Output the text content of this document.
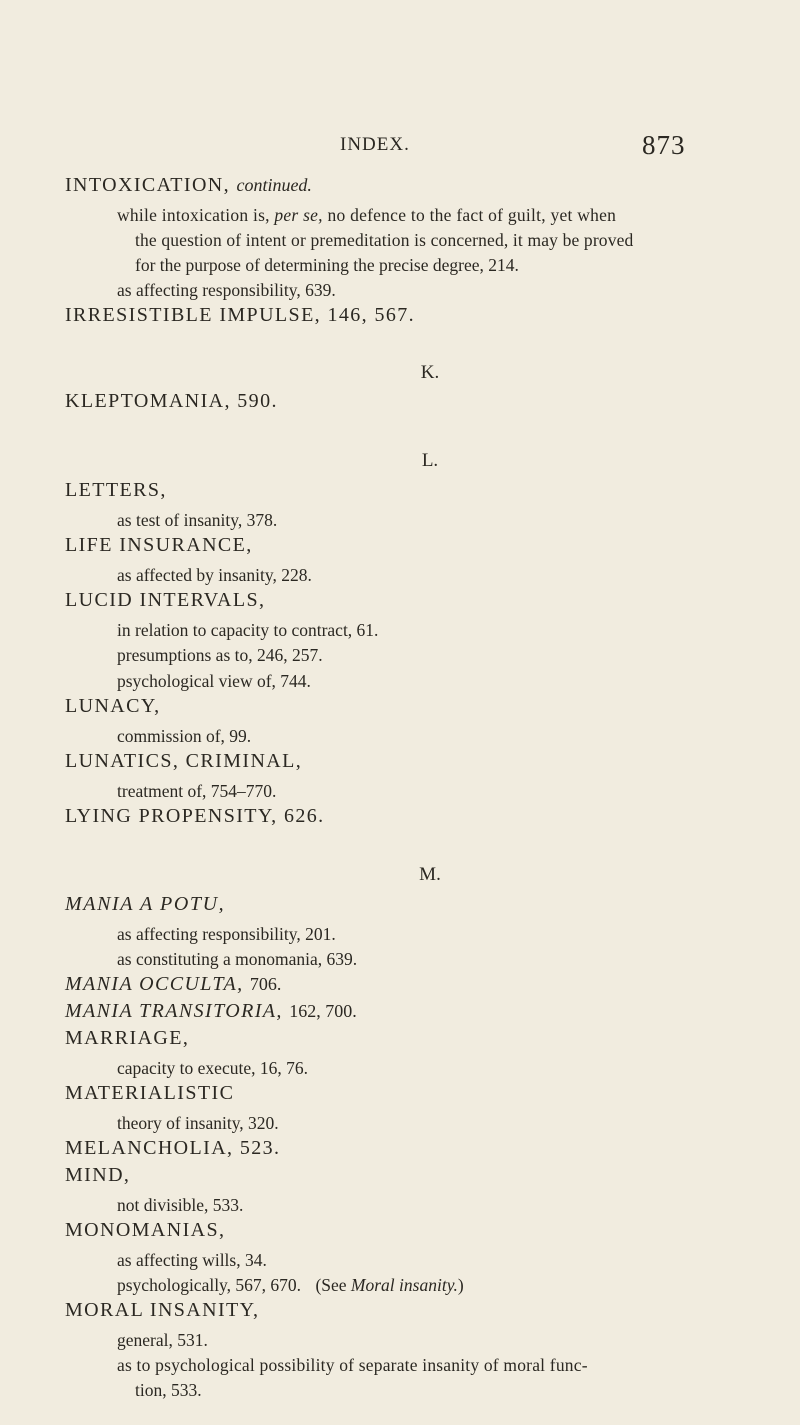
INDEX.	873
INTOXICATION, continued.
while intoxication is, per se, no defence to the fact of guilt, yet when
the question of intent or premeditation is concerned, it may be proved
for the purpose of determining the precise degree, 214.
as affecting responsibility, 639.
IRRESISTIBLE IMPULSE, 146, 567.
K.
KLEPTOMANIA, 590.
L.
LETTERS,
as test of insanity, 378.
LIFE INSURANCE,
as affected by insanity, 228.
LUCID INTERVALS,
in relation to capacity to contract, 61.
presumptions as to, 246, 257.
psychological view of, 744.
LUNACY,
commission of, 99.
LUNATICS, CRIMINAL,
treatment of, 754–770.
LYING PROPENSITY, 626.
M.
MANIA A POTU,
as affecting responsibility, 201.
as constituting a monomania, 639.
MANIA OCCULTA, 706.
MANIA TRANSITORIA, 162, 700.
MARRIAGE,
capacity to execute, 16, 76.
MATERIALISTIC
theory of insanity, 320.
MELANCHOLIA, 523.
MIND,
not divisible, 533.
MONOMANIAS,
as affecting wills, 34.
psychologically, 567, 670. (See Moral insanity.)
MORAL INSANITY,
general, 531.
as to psychological possibility of separate insanity of moral func-
tion, 533.
